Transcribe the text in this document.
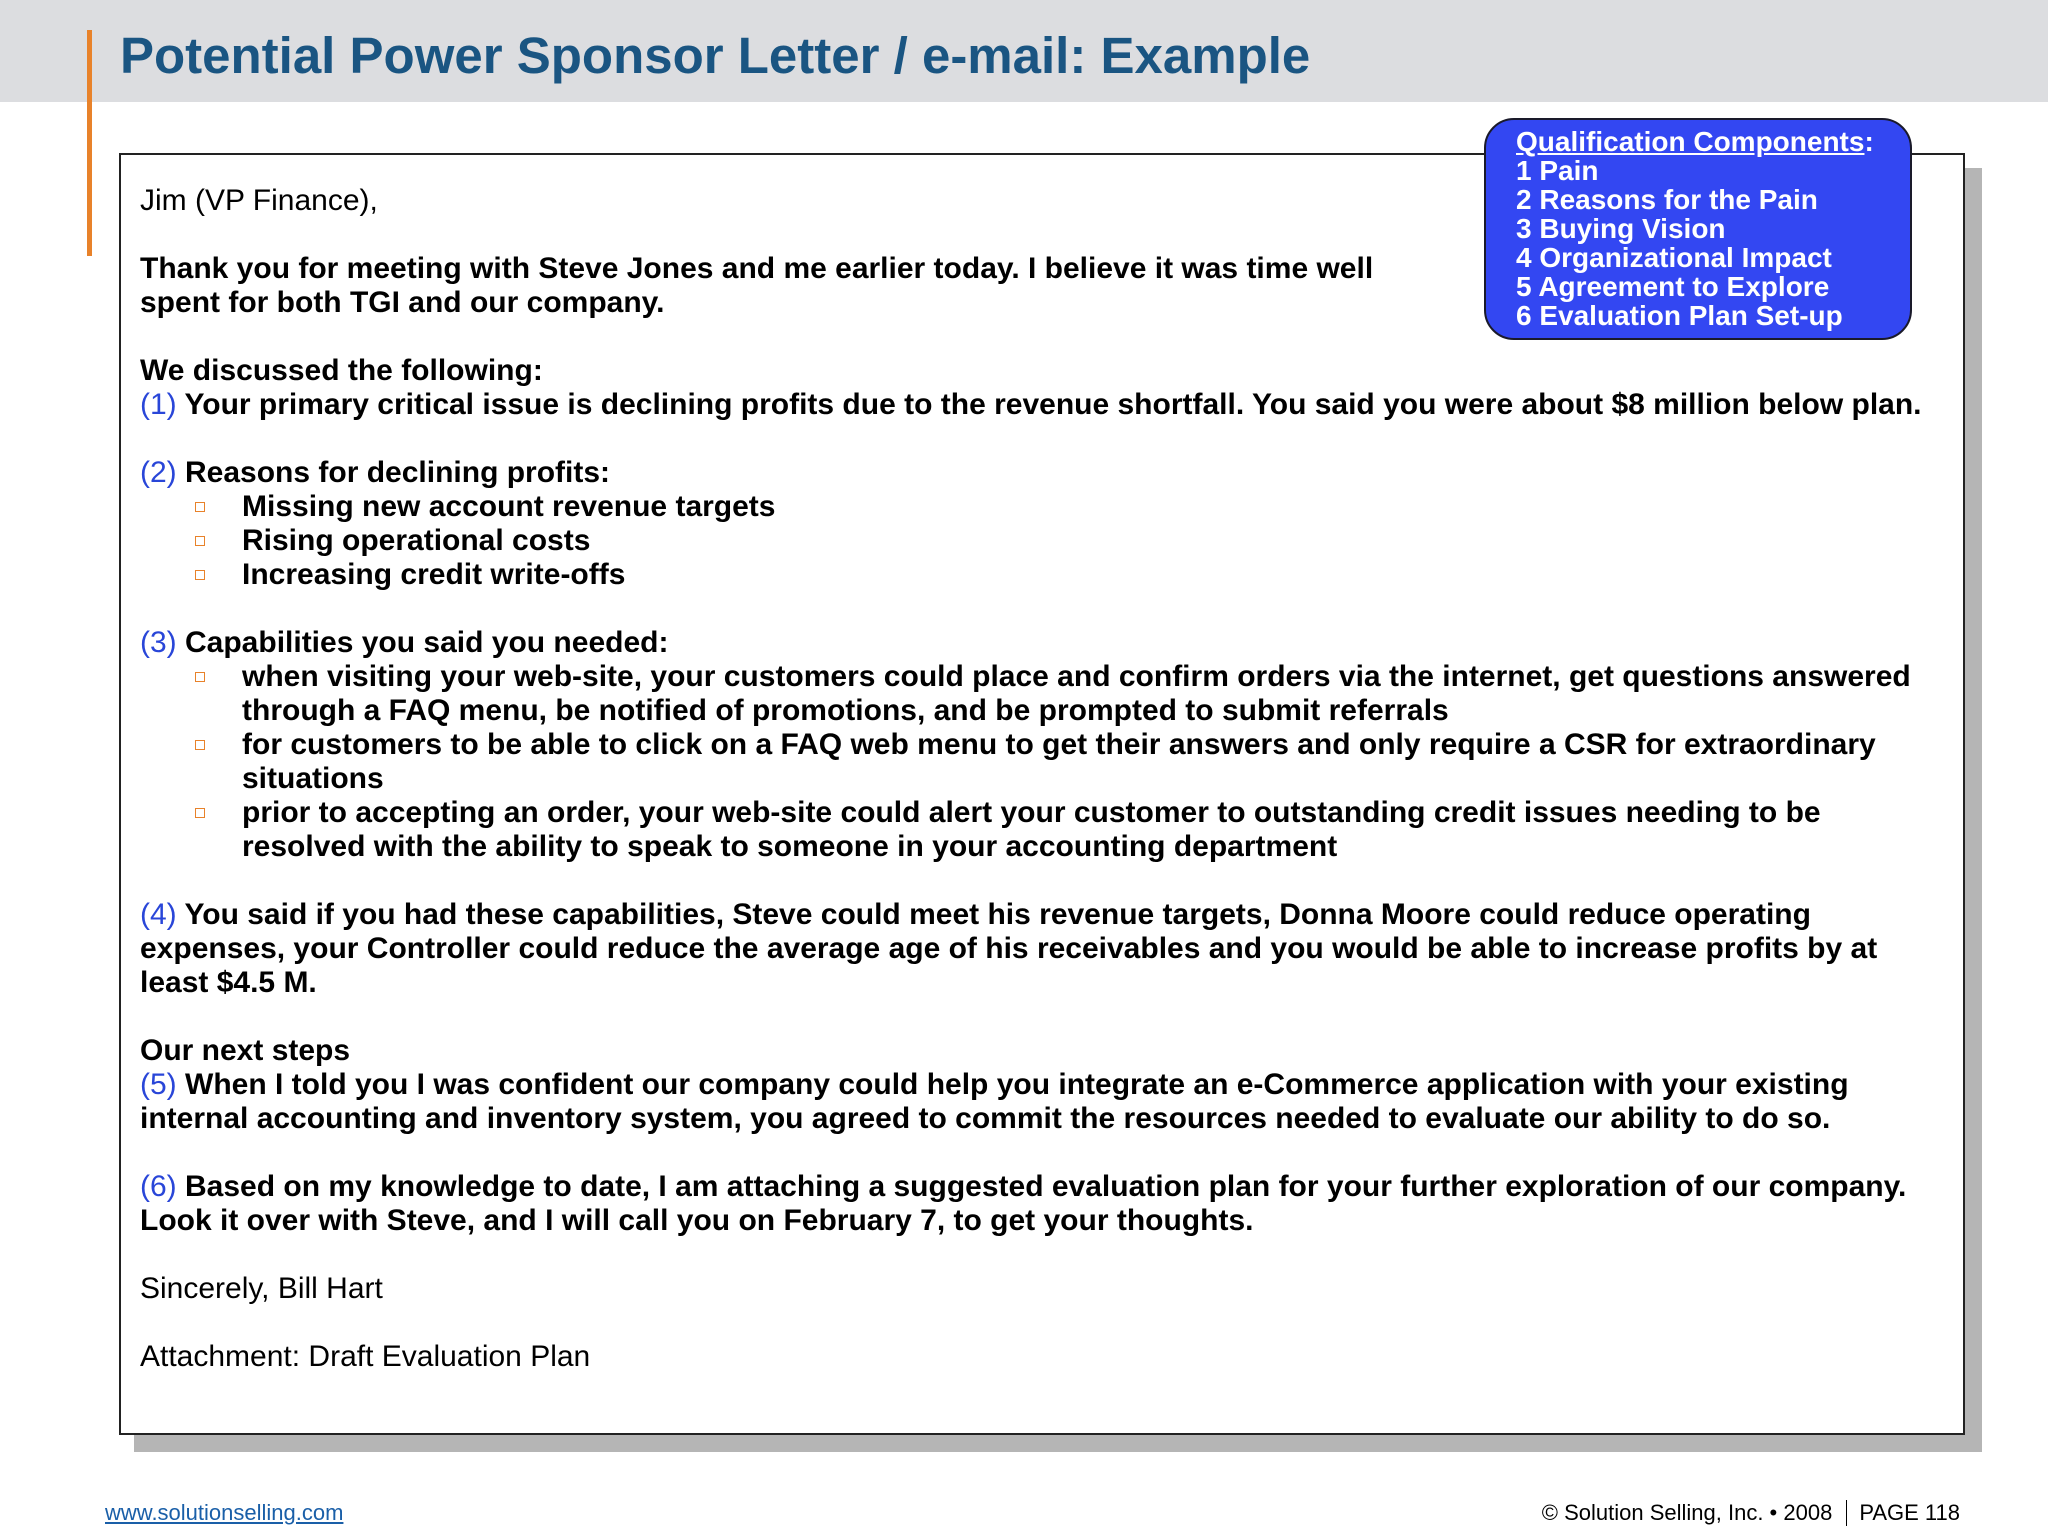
Potential Power Sponsor Letter / e-mail: Example

Jim (VP Finance),

Thank you for meeting with Steve Jones and me earlier today. I believe it was time well spent for both TGI and our company.

We discussed the following:
(1) Your primary critical issue is declining profits due to the revenue shortfall. You said you were about $8 million below plan.

(2) Reasons for declining profits:
Missing new account revenue targets
Rising operational costs
Increasing credit write-offs
(3) Capabilities you said you needed:
when visiting your web-site, your customers could place and confirm orders via the internet, get questions answered through a FAQ menu, be notified of promotions, and be prompted to submit referrals
for customers to be able to click on a FAQ web menu to get their answers and only require a CSR for extraordinary situations
prior to accepting an order, your web-site could alert your customer to outstanding credit issues needing to be resolved with the ability to speak to someone in your accounting department

(4) You said if you had these capabilities, Steve could meet his revenue targets, Donna Moore could reduce operating expenses, your Controller could reduce the average age of his receivables and you would be able to increase profits by at least $4.5 M.

Our next steps
(5) When I told you I was confident our company could help you integrate an e-Commerce application with your existing internal accounting and inventory system, you agreed to commit the resources needed to evaluate our ability to do so.

(6) Based on my knowledge to date, I am attaching a suggested evaluation plan for your further exploration of our company. Look it over with Steve, and I will call you on February 7, to get your thoughts.

Sincerely, Bill Hart

Attachment: Draft Evaluation Plan

Qualification Components:
1 Pain
2 Reasons for the Pain
3 Buying Vision
4 Organizational Impact
5 Agreement to Explore
6 Evaluation Plan Set-up
www.solutionselling.com	© Solution Selling, Inc. • 2008 PAGE 118
